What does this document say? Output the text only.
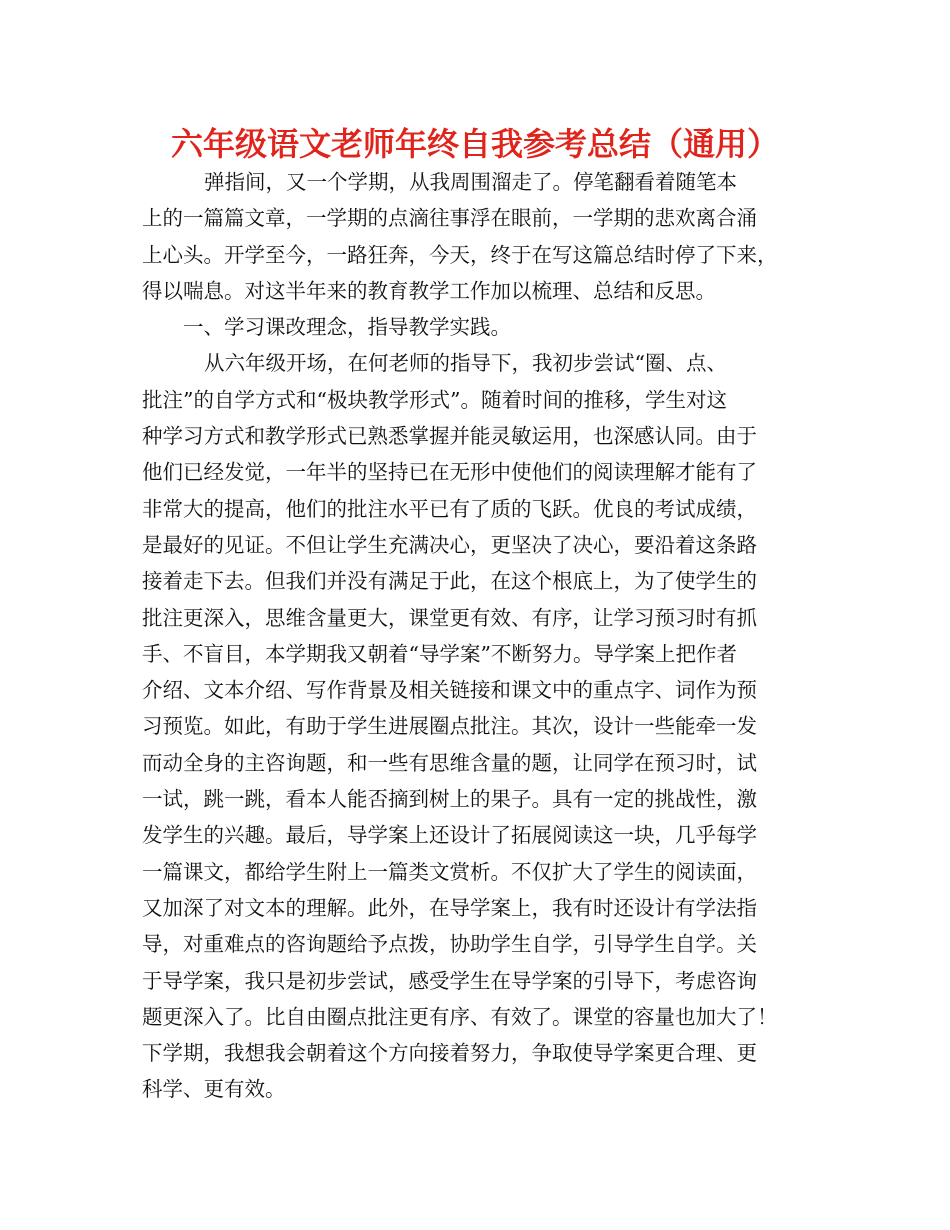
六年级语文老师年终自我参考总结（通用）
弹指间，又一个学期，从我周围溜走了。停笔翻看着随笔本
上的一篇篇文章，一学期的点滴往事浮在眼前，一学期的悲欢离合涌
上心头。开学至今，一路狂奔，今天，终于在写这篇总结时停了下来，
得以喘息。对这半年来的教育教学工作加以梳理、总结和反思。
一、学习课改理念，指导教学实践。
从六年级开场，在何老师的指导下，我初步尝试“圈、点、
批注”的自学方式和“极块教学形式”。随着时间的推移，学生对这
种学习方式和教学形式已熟悉掌握并能灵敏运用，也深感认同。由于
他们已经发觉，一年半的坚持已在无形中使他们的阅读理解才能有了
非常大的提高，他们的批注水平已有了质的飞跃。优良的考试成绩，
是最好的见证。不但让学生充满决心，更坚决了决心，要沿着这条路
接着走下去。但我们并没有满足于此，在这个根底上，为了使学生的
批注更深入，思维含量更大，课堂更有效、有序，让学习预习时有抓
手、不盲目，本学期我又朝着“导学案”不断努力。导学案上把作者
介绍、文本介绍、写作背景及相关链接和课文中的重点字、词作为预
习预览。如此，有助于学生进展圈点批注。其次，设计一些能牵一发
而动全身的主咨询题，和一些有思维含量的题，让同学在预习时，试
一试，跳一跳，看本人能否摘到树上的果子。具有一定的挑战性，激
发学生的兴趣。最后，导学案上还设计了拓展阅读这一块，几乎每学
一篇课文，都给学生附上一篇类文赏析。不仅扩大了学生的阅读面，
又加深了对文本的理解。此外，在导学案上，我有时还设计有学法指
导，对重难点的咨询题给予点拨，协助学生自学，引导学生自学。关
于导学案，我只是初步尝试，感受学生在导学案的引导下，考虑咨询
题更深入了。比自由圈点批注更有序、有效了。课堂的容量也加大了！
下学期，我想我会朝着这个方向接着努力，争取使导学案更合理、更
科学、更有效。
